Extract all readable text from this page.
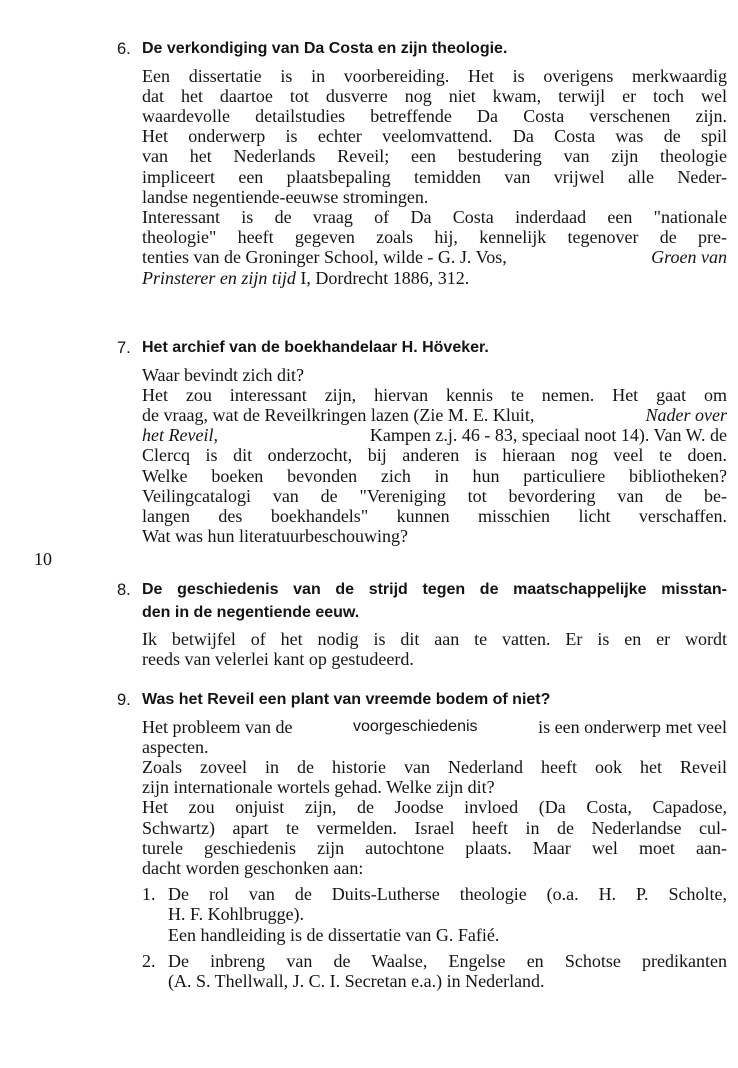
10
6. De verkondiging van Da Costa en zijn theologie.
Een dissertatie is in voorbereiding. Het is overigens merkwaardig
dat het daartoe tot dusverre nog niet kwam, terwijl er toch wel
waardevolle detailstudies betreffende Da Costa verschenen zijn.
Het onderwerp is echter veelomvattend. Da Costa was de spil
van het Nederlands Reveil; een bestudering van zijn theologie
impliceert een plaatsbepaling temidden van vrijwel alle Neder-
landse negentiende-eeuwse stromingen.
Interessant is de vraag of Da Costa inderdaad een "nationale
theologie" heeft gegeven zoals hij, kennelijk tegenover de pre-
tenties van de Groninger School, wilde - G. J. Vos,	Groen van
Prinsterer en zijn tijd I, Dordrecht 1886, 312.
7. Het archief van de boekhandelaar H. Höveker.
Waar bevindt zich dit?
Het zou interessant zijn, hiervan kennis te nemen. Het gaat om
de vraag, wat de Reveilkringen lazen (Zie M. E. Kluit,	Nader over
het Reveil,	Kampen z.j. 46 - 83, speciaal noot 14). Van W. de
Clercq is dit onderzocht, bij anderen is hieraan nog veel te doen.
Welke boeken bevonden zich in hun particuliere bibliotheken?
Veilingcatalogi van de "Vereniging tot bevordering van de be-
langen des boekhandels" kunnen misschien licht verschaffen.
Wat was hun literatuurbeschouwing?
8. De geschiedenis van de strijd tegen de maatschappelijke misstan-
den in de negentiende eeuw.
Ik betwijfel of het nodig is dit aan te vatten. Er is en er wordt
reeds van velerlei kant op gestudeerd.
9. Was het Reveil een plant van vreemde bodem of niet?
Het probleem van de	voorgeschiedenis	is een onderwerp met veel
aspecten.
Zoals zoveel in de historie van Nederland heeft ook het Reveil
zijn internationale wortels gehad. Welke zijn dit?
Het zou onjuist zijn, de Joodse invloed (Da Costa, Capadose,
Schwartz) apart te vermelden. Israel heeft in de Nederlandse cul-
turele geschiedenis zijn autochtone plaats. Maar wel moet aan-
dacht worden geschonken aan:
1. De rol van de Duits-Lutherse theologie (o.a. H. P. Scholte,
H. F. Kohlbrugge).
Een handleiding is de dissertatie van G. Fafié.
2. De inbreng van de Waalse, Engelse en Schotse predikanten
(A. S. Thellwall, J. C. I. Secretan e.a.) in Nederland.
